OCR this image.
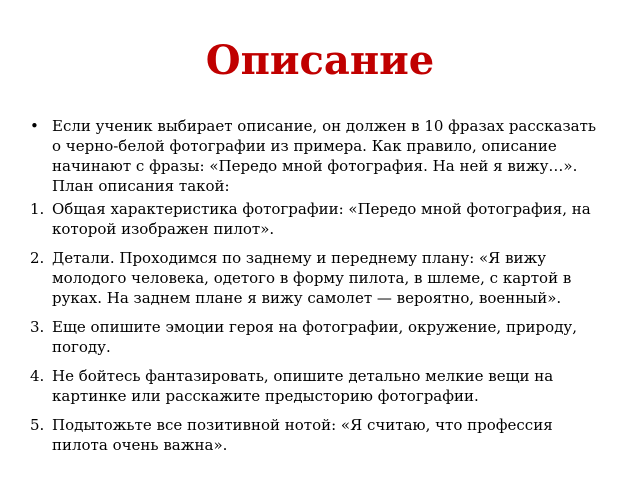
Описание
• Если ученик выбирает описание, он должен в 10 фразах рассказать о черно-белой фотографии из примера. Как правило, описание начинают с фразы: «Передо мной фотография. На ней я вижу…». План описания такой:
1. Общая характеристика фотографии: «Передо мной фотография, на которой изображен пилот».
2. Детали. Проходимся по заднему и переднему плану: «Я вижу молодого человека, одетого в форму пилота, в шлеме, с картой в руках. На заднем плане я вижу самолет — вероятно, военный».
3. Еще опишите эмоции героя на фотографии, окружение, природу, погоду.
4. Не бойтесь фантазировать, опишите детально мелкие вещи на картинке или расскажите предысторию фотографии.
5. Подытожьте все позитивной нотой: «Я считаю, что профессия пилота очень важна».
